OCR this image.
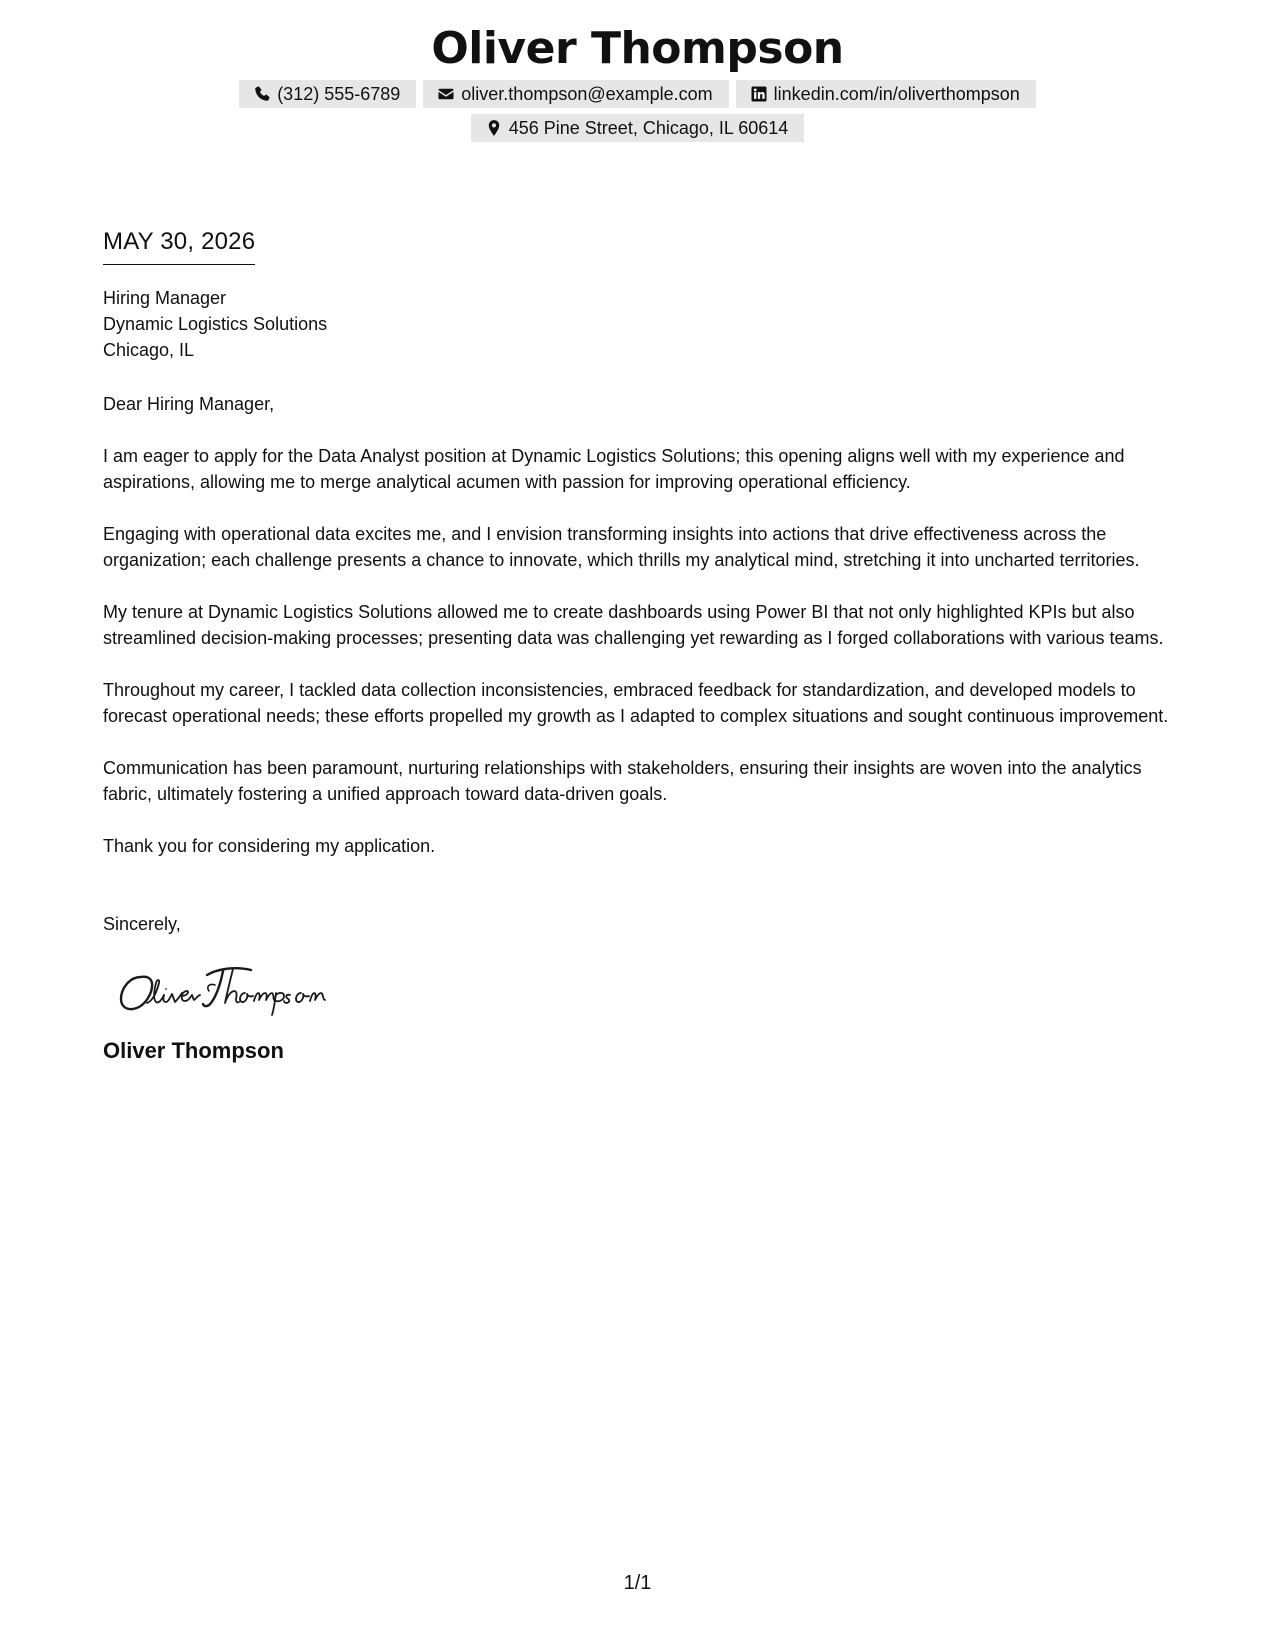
Oliver Thompson
(312) 555-6789	oliver.thompson@example.com	linkedin.com/in/oliverthompson
456 Pine Street, Chicago, IL 60614
MAY 30, 2026
Hiring Manager
Dynamic Logistics Solutions
Chicago, IL
Dear Hiring Manager,

I am eager to apply for the Data Analyst position at Dynamic Logistics Solutions; this opening aligns well with my experience and aspirations, allowing me to merge analytical acumen with passion for improving operational efficiency.

Engaging with operational data excites me, and I envision transforming insights into actions that drive effectiveness across the organization; each challenge presents a chance to innovate, which thrills my analytical mind, stretching it into uncharted territories.

My tenure at Dynamic Logistics Solutions allowed me to create dashboards using Power BI that not only highlighted KPIs but also streamlined decision-making processes; presenting data was challenging yet rewarding as I forged collaborations with various teams.

Throughout my career, I tackled data collection inconsistencies, embraced feedback for standardization, and developed models to forecast operational needs; these efforts propelled my growth as I adapted to complex situations and sought continuous improvement.

Communication has been paramount, nurturing relationships with stakeholders, ensuring their insights are woven into the analytics fabric, ultimately fostering a unified approach toward data-driven goals.

Thank you for considering my application.

Sincerely,
Oliver Thompson
1/1
